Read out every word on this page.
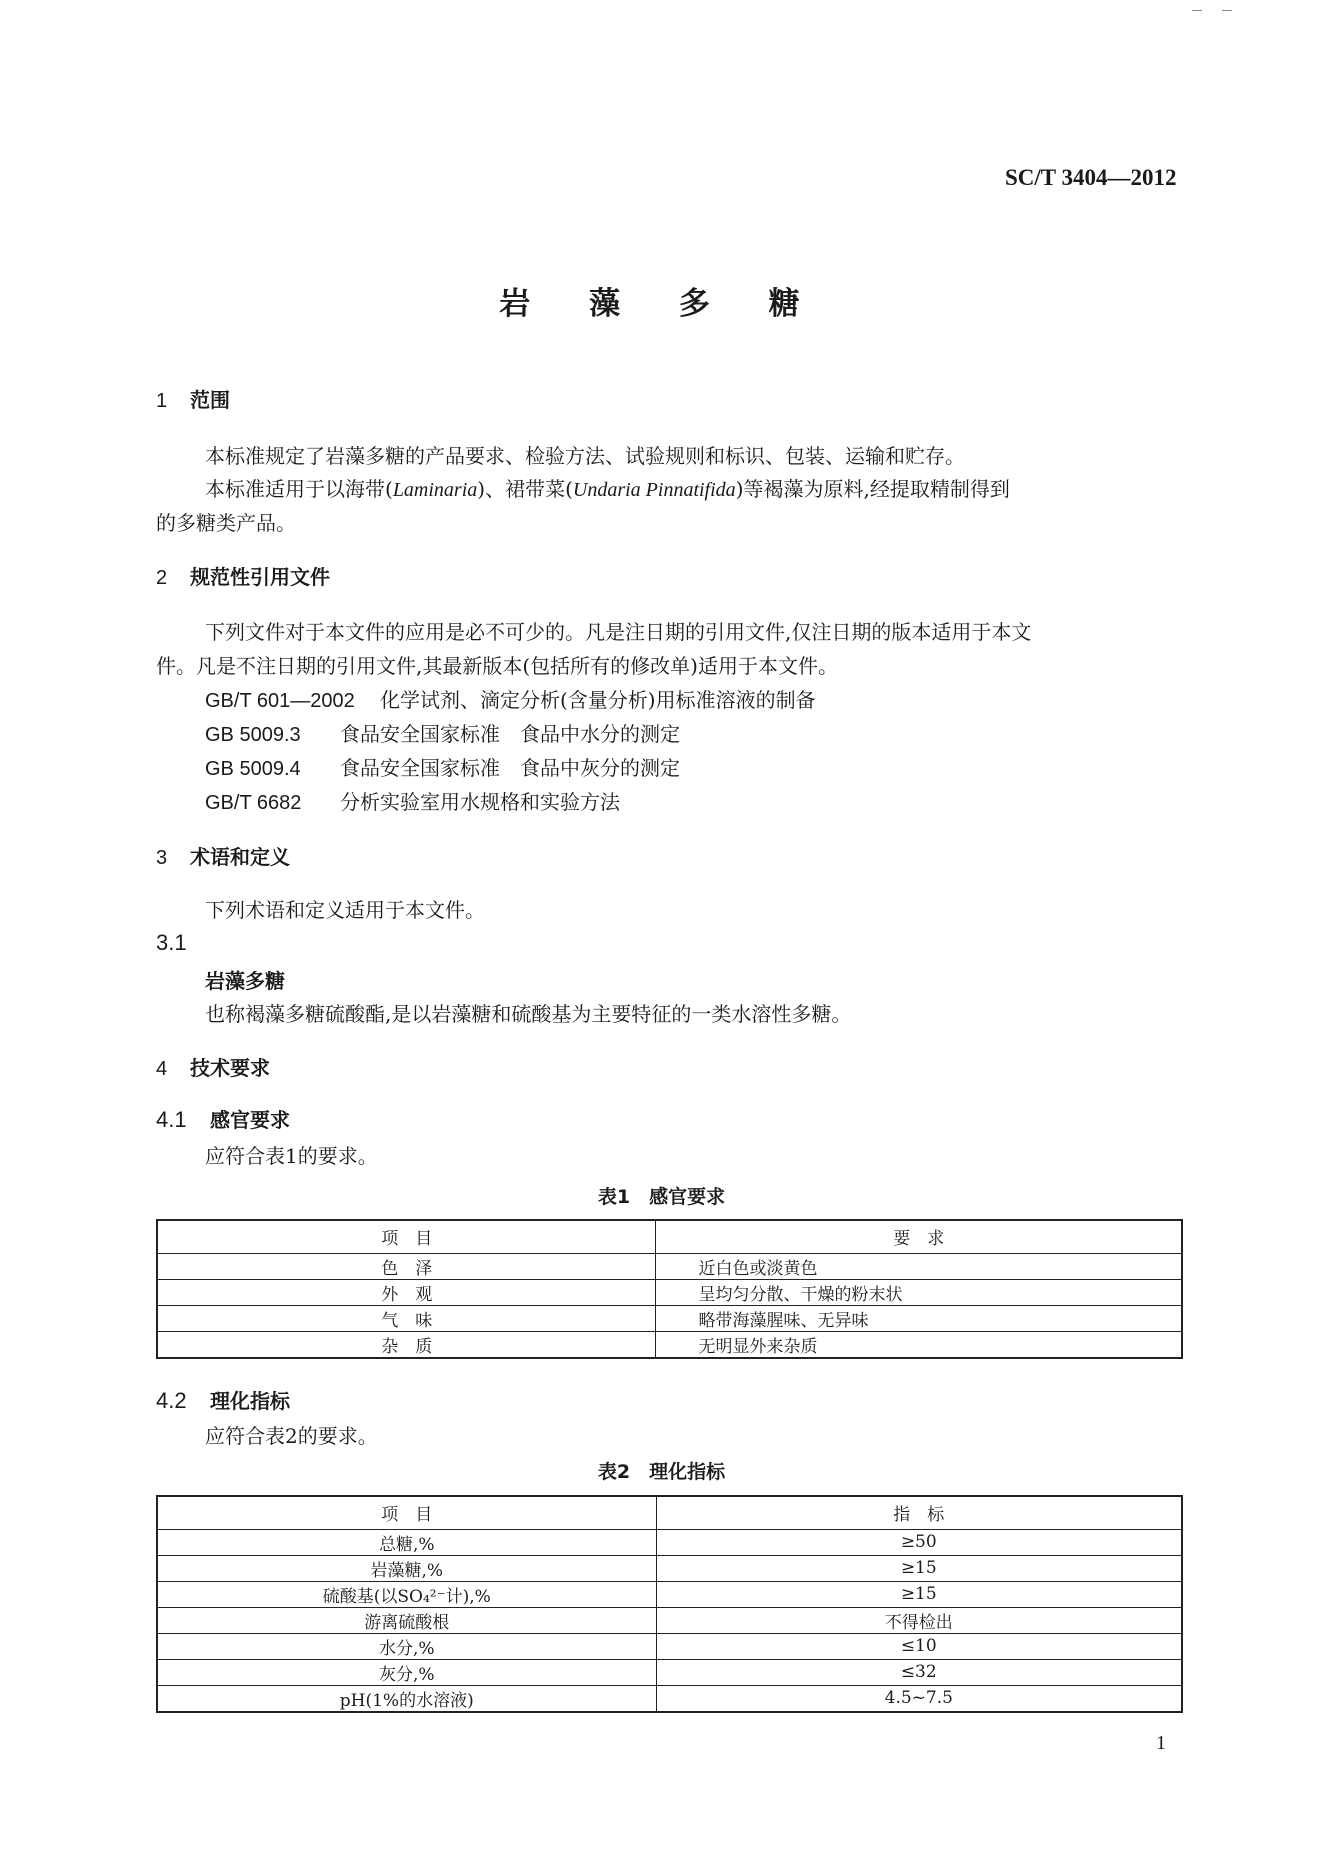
SC/T 3404—2012
岩 藻 多 糖
1 范围
本标准规定了岩藻多糖的产品要求、检验方法、试验规则和标识、包装、运输和贮存。
本标准适用于以海带(Laminaria)、裙带菜(Undaria Pinnatifida)等褐藻为原料,经提取精制得到
的多糖类产品。
2 规范性引用文件
下列文件对于本文件的应用是必不可少的。凡是注日期的引用文件,仅注日期的版本适用于本文
件。凡是不注日期的引用文件,其最新版本(包括所有的修改单)适用于本文件。
GB/T 601—2002 化学试剂、滴定分析(含量分析)用标准溶液的制备
GB 5009.3 食品安全国家标准　食品中水分的测定
GB 5009.4 食品安全国家标准　食品中灰分的测定
GB/T 6682 分析实验室用水规格和实验方法
3 术语和定义
下列术语和定义适用于本文件。
3.1
岩藻多糖
也称褐藻多糖硫酸酯,是以岩藻糖和硫酸基为主要特征的一类水溶性多糖。
4 技术要求
4.1 感官要求
应符合表1的要求。
表1　感官要求
项　目	要　求
色　泽	近白色或淡黄色
外　观	呈均匀分散、干燥的粉末状
气　味	略带海藻腥味、无异味
杂　质	无明显外来杂质
4.2 理化指标
应符合表2的要求。
表2　理化指标
项　目	指　标
总糖,%	≥50
岩藻糖,%	≥15
硫酸基(以SO₄²⁻计),%	≥15
游离硫酸根	不得检出
水分,%	≤10
灰分,%	≤32
pH(1%的水溶液)	4.5~7.5
1
